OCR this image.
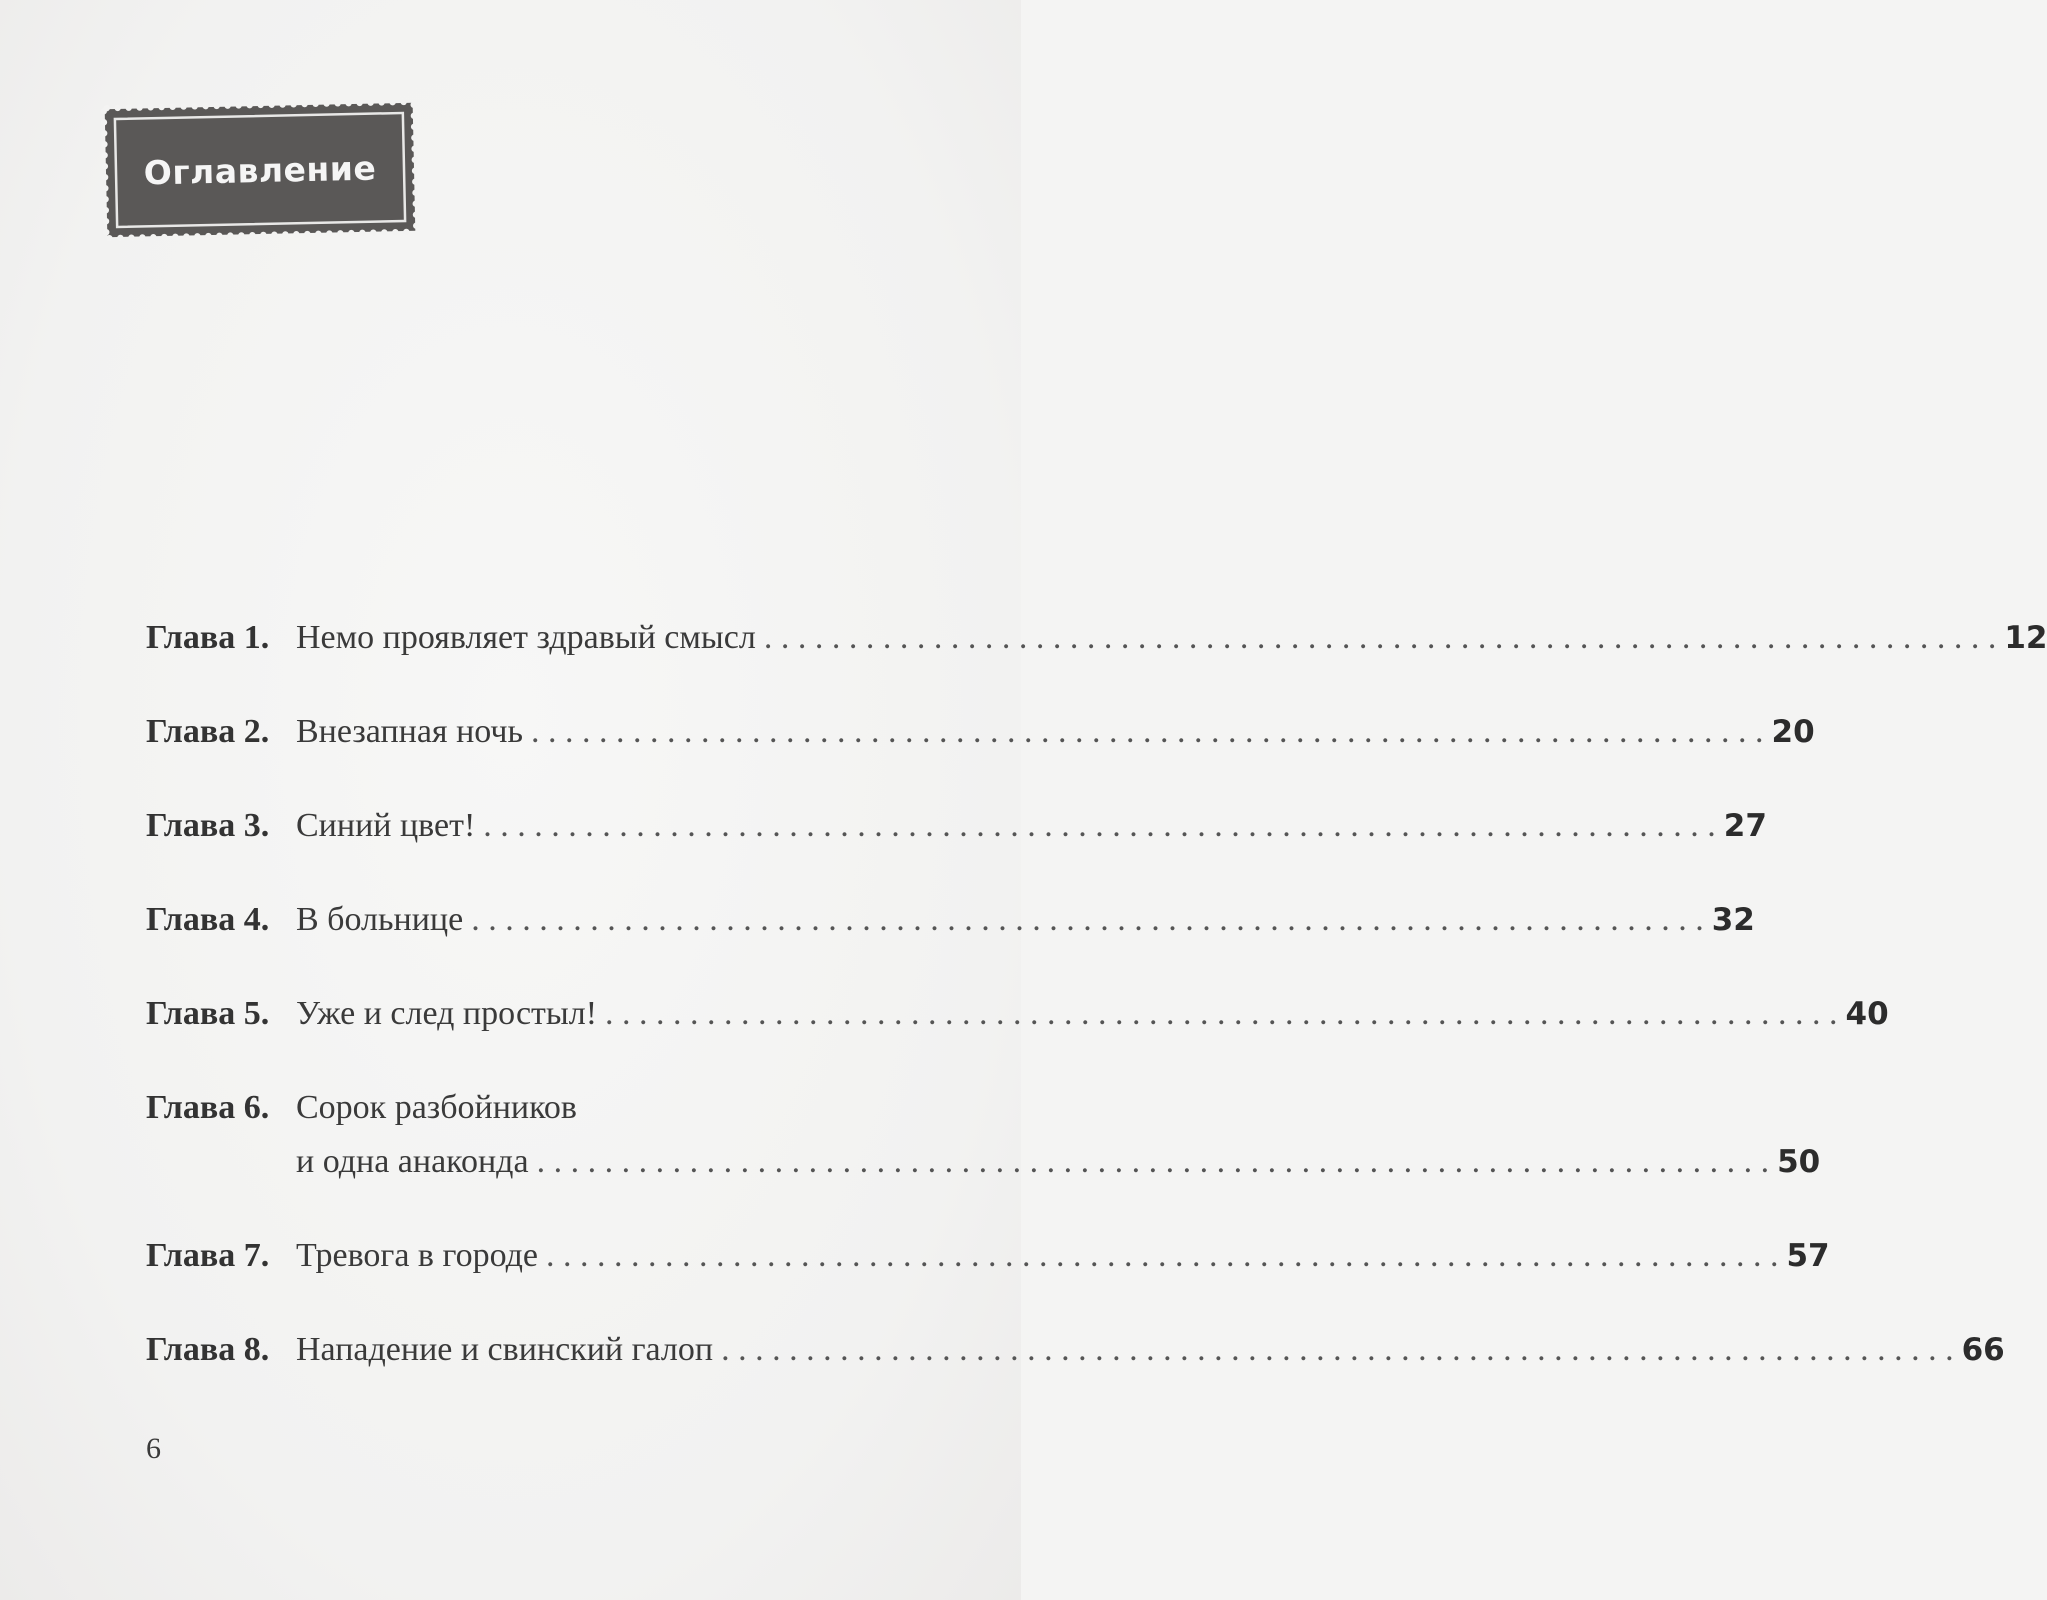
Оглавление
Глава 1. Немо проявляет здравый смысл . . .	12
Глава 2. Внезапная ночь . . .	20
Глава 3. Синий цвет! . . .	27
Глава 4. В больнице . . .	32
Глава 5. Уже и след простыл! . . .	40
Глава 6. Сорок разбойников
и одна анаконда . . .	50
Глава 7. Тревога в городе . . .	57
Глава 8. Нападение и свинский галоп . . .	66
6
